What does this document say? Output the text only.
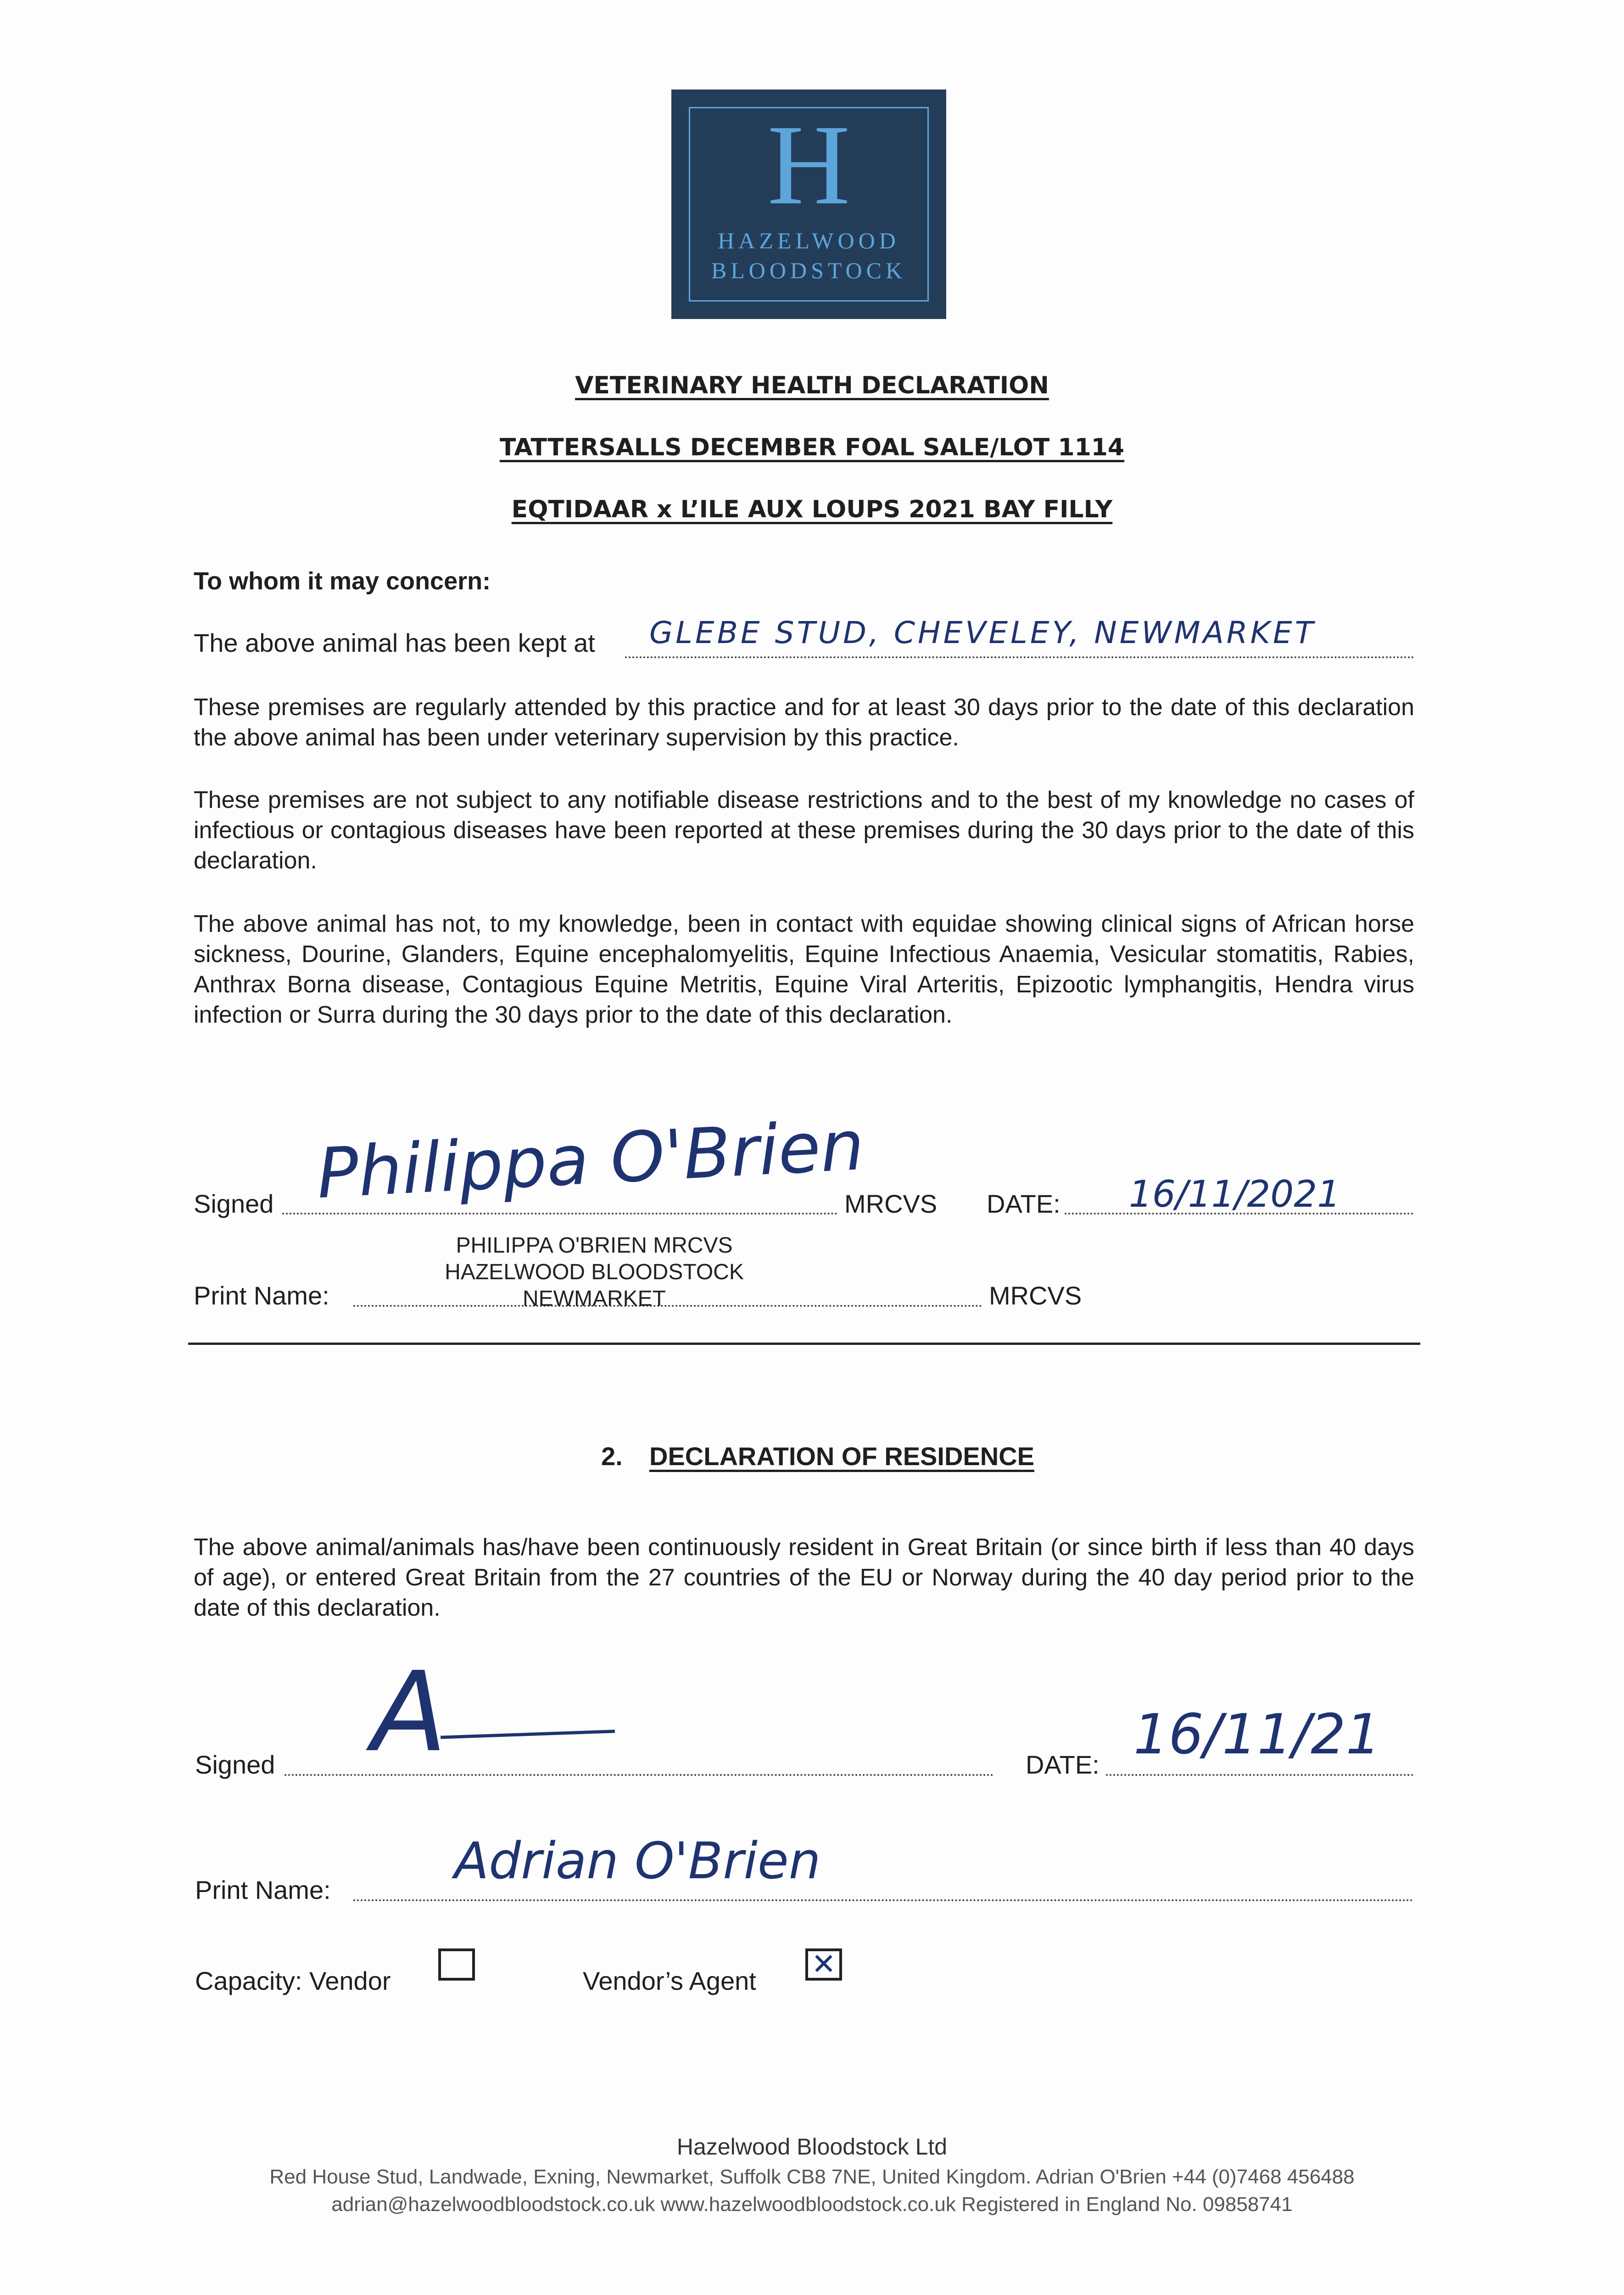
H
HAZELWOOD
BLOODSTOCK
VETERINARY HEALTH DECLARATION
TATTERSALLS DECEMBER FOAL SALE/LOT 1114
EQTIDAAR x L’ILE AUX LOUPS 2021 BAY FILLY
To whom it may concern:
The above animal has been kept at GLEBE STUD, CHEVELEY, NEWMARKET
These premises are regularly attended by this practice and for at least 30 days prior to the date of this declaration the above animal has been under veterinary supervision by this practice.
These premises are not subject to any notifiable disease restrictions and to the best of my knowledge no cases of infectious or contagious diseases have been reported at these premises during the 30 days prior to the date of this declaration.
The above animal has not, to my knowledge, been in contact with equidae showing clinical signs of African horse sickness, Dourine, Glanders, Equine encephalomyelitis, Equine Infectious Anaemia, Vesicular stomatitis, Rabies, Anthrax Borna disease, Contagious Equine Metritis, Equine Viral Arteritis, Epizootic lymphangitis, Hendra virus infection or Surra during the 30 days prior to the date of this declaration.
Signed Philippa O'Brien
MRCVS DATE: 16/11/2021
Print Name:
PHILIPPA O'BRIEN MRCVS
HAZELWOOD BLOODSTOCK
NEWMARKET	MRCVS
2. DECLARATION OF RESIDENCE
The above animal/animals has/have been continuously resident in Great Britain (or since birth if less than 40 days of age), or entered Great Britain from the 27 countries of the EU or Norway during the 40 day period prior to the date of this declaration.
Signed A	DATE: 16/11/21
Print Name: Adrian O'Brien
Capacity: Vendor	Vendor’s Agent ✕
Hazelwood Bloodstock Ltd
Red House Stud, Landwade, Exning, Newmarket, Suffolk CB8 7NE, United Kingdom. Adrian O'Brien +44 (0)7468 456488
adrian@hazelwoodbloodstock.co.uk www.hazelwoodbloodstock.co.uk Registered in England No. 09858741
